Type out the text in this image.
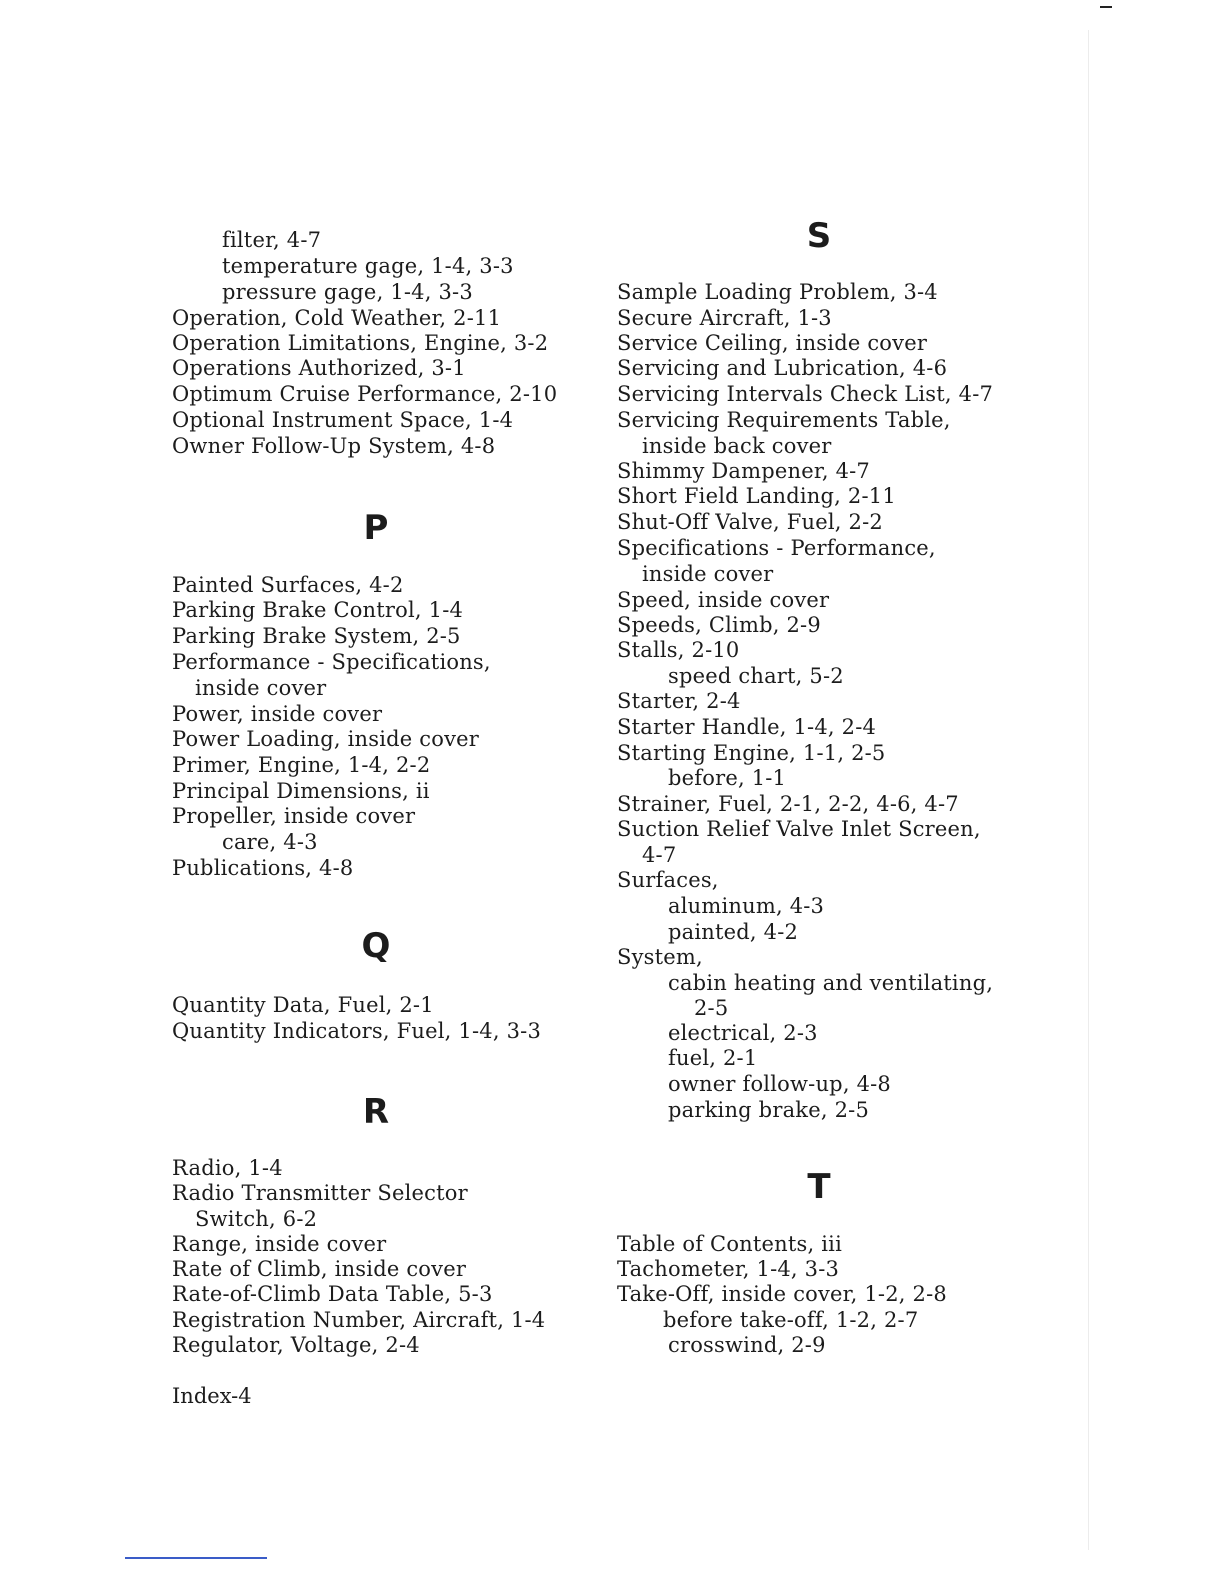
filter, 4-7
temperature gage, 1-4, 3-3
pressure gage, 1-4, 3-3
Operation, Cold Weather, 2-11
Operation Limitations, Engine, 3-2
Operations Authorized, 3-1
Optimum Cruise Performance, 2-10
Optional Instrument Space, 1-4
Owner Follow-Up System, 4-8
P
Painted Surfaces, 4-2
Parking Brake Control, 1-4
Parking Brake System, 2-5
Performance - Specifications,
inside cover
Power, inside cover
Power Loading, inside cover
Primer, Engine, 1-4, 2-2
Principal Dimensions, ii
Propeller, inside cover
care, 4-3
Publications, 4-8
Q
Quantity Data, Fuel, 2-1
Quantity Indicators, Fuel, 1-4, 3-3
R
Radio, 1-4
Radio Transmitter Selector
Switch, 6-2
Range, inside cover
Rate of Climb, inside cover
Rate-of-Climb Data Table, 5-3
Registration Number, Aircraft, 1-4
Regulator, Voltage, 2-4
S
Sample Loading Problem, 3-4
Secure Aircraft, 1-3
Service Ceiling, inside cover
Servicing and Lubrication, 4-6
Servicing Intervals Check List, 4-7
Servicing Requirements Table,
inside back cover
Shimmy Dampener, 4-7
Short Field Landing, 2-11
Shut-Off Valve, Fuel, 2-2
Specifications - Performance,
inside cover
Speed, inside cover
Speeds, Climb, 2-9
Stalls, 2-10
speed chart, 5-2
Starter, 2-4
Starter Handle, 1-4, 2-4
Starting Engine, 1-1, 2-5
before, 1-1
Strainer, Fuel, 2-1, 2-2, 4-6, 4-7
Suction Relief Valve Inlet Screen,
4-7
Surfaces,
aluminum, 4-3
painted, 4-2
System,
cabin heating and ventilating,
2-5
electrical, 2-3
fuel, 2-1
owner follow-up, 4-8
parking brake, 2-5
T
Table of Contents, iii
Tachometer, 1-4, 3-3
Take-Off, inside cover, 1-2, 2-8
before take-off, 1-2, 2-7
crosswind, 2-9
Index-4
